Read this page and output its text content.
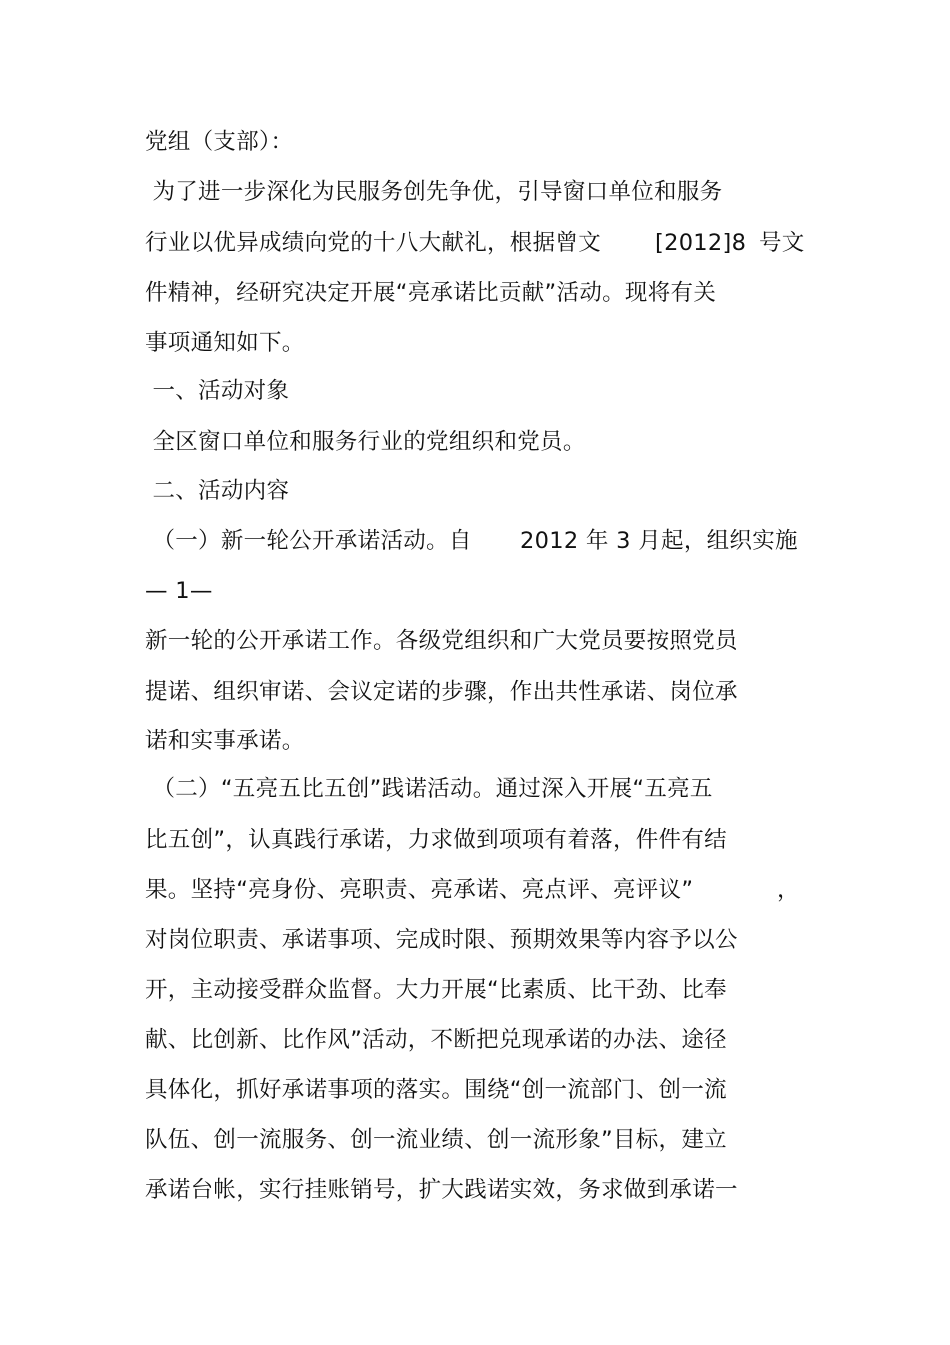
党组（支部）：
为了进一步深化为民服务创先争优，引导窗口单位和服务

行业以优异成绩向党的十八大献礼，根据曾文

[2012]8

号文

件精神，经研究决定开展“亮承诺比贡献”活动。现将有关
事项通知如下。
一、活动对象
全区窗口单位和服务行业的党组织和党员。
二、活动内容

（一）新一轮公开承诺活动。自

2012 年 3 月起，组织实施

— 1—
新一轮的公开承诺工作。各级党组织和广大党员要按照党员
提诺、组织审诺、会议定诺的步骤，作出共性承诺、岗位承
诺和实事承诺。
（二）“五亮五比五创”践诺活动。通过深入开展“五亮五
比五创”，认真践行承诺，力求做到项项有着落，件件有结

果。坚持“亮身份、亮职责、亮承诺、亮点评、亮评议”

	，

对岗位职责、承诺事项、完成时限、预期效果等内容予以公
开，主动接受群众监督。大力开展“比素质、比干劲、比奉
献、比创新、比作风”活动，不断把兑现承诺的办法、途径
具体化，抓好承诺事项的落实。围绕“创一流部门、创一流
队伍、创一流服务、创一流业绩、创一流形象”目标，建立
承诺台帐，实行挂账销号，扩大践诺实效，务求做到承诺一
